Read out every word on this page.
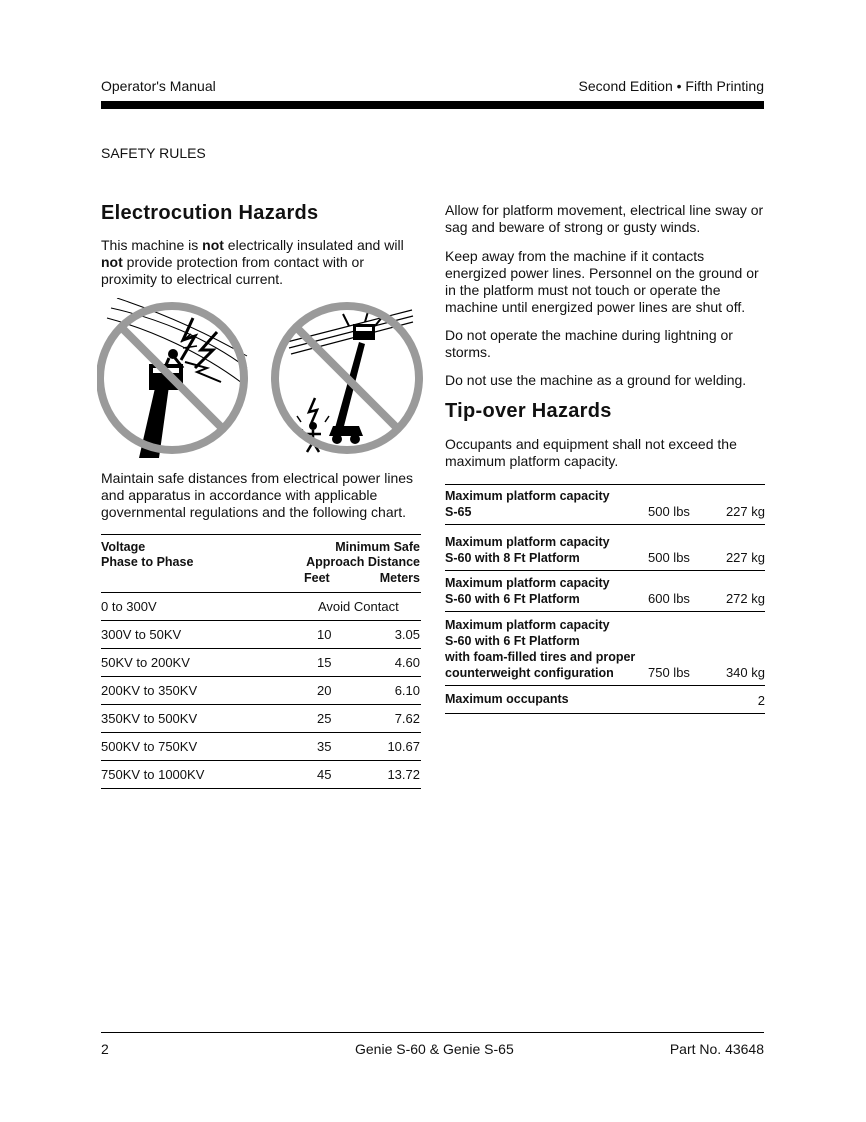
Operator's Manual	Second Edition • Fifth Printing
SAFETY RULES
Electrocution Hazards

This machine is not electrically insulated and will not provide protection from contact with or proximity to electrical current.

Maintain safe distances from electrical power lines and apparatus in accordance with applicable governmental regulations and the following chart.

Voltage
Phase to Phase
Minimum Safe
Approach Distance
Feet	Meters
0 to 300V	Avoid Contact
300V to 50KV	10	3.05
50KV to 200KV	15	4.60
200KV to 350KV	20	6.10
350KV to 500KV	25	7.62
500KV to 750KV	35	10.67
750KV to 1000KV	45	13.72

Allow for platform movement, electrical line sway or sag and beware of strong or gusty winds.

Keep away from the machine if it contacts energized power lines. Personnel on the ground or in the platform must not touch or operate the machine until energized power lines are shut off.

Do not operate the machine during lightning or storms.

Do not use the machine as a ground for welding.

Tip-over Hazards

Occupants and equipment shall not exceed the maximum platform capacity.

Maximum platform capacity
S-65	500 lbs	227 kg
Maximum platform capacity
S-60 with 8 Ft Platform	500 lbs	227 kg
Maximum platform capacity
S-60 with 6 Ft Platform	600 lbs	272 kg
Maximum platform capacity
S-60 with 6 Ft Platform
with foam-filled tires and proper
counterweight configuration	750 lbs	340 kg
Maximum occupants	2
2	Genie S-60 & Genie S-65	Part No. 43648
